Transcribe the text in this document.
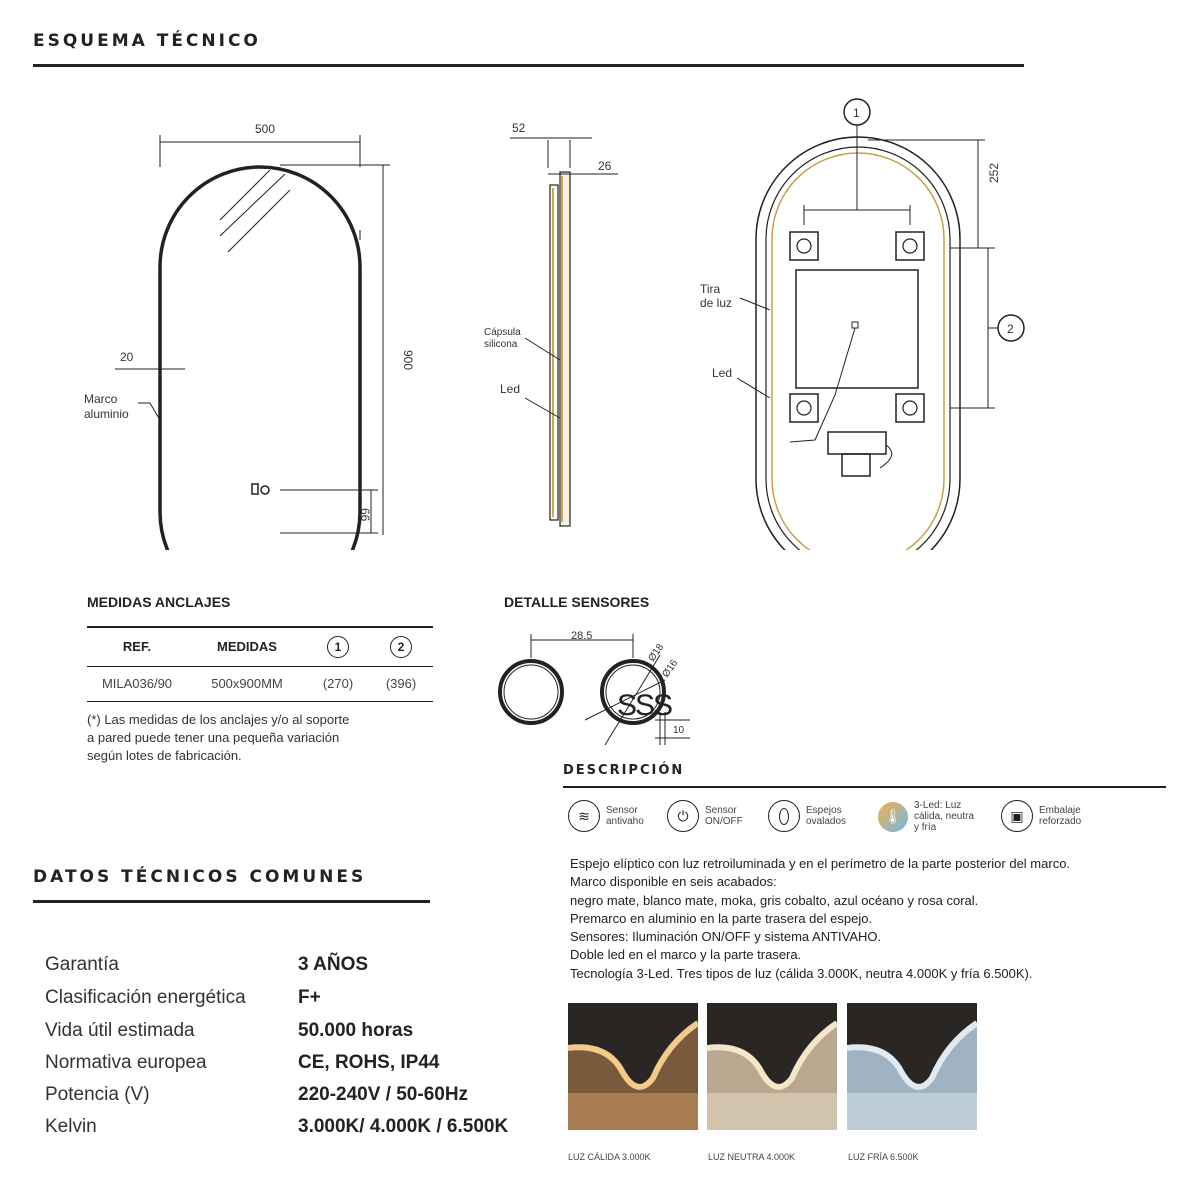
ESQUEMA TÉCNICO
500
900
20
66
Marco
aluminio
52
26
Cápsula
silicona
Led
1
2
252
Tira
de luz
Led
MEDIDAS ANCLAJES
REF.	MEDIDAS	1	2

MILA036/90	500x900MM	(270)	(396)
(*) Las medidas de los anclajes y/o al soporte
a pared puede tener una pequeña variación
según lotes de fabricación.
DETALLE SENSORES
SSS
28.5
Ø18
Ø16
10
DESCRIPCIÓN
≋	Sensor
antivaho	⏻	Sensor
ON/OFF
Espejos
ovalados	🌡
3-Led: Luz
cálida, neutra
y fría
▣	Embalaje
reforzado
Espejo elíptico con luz retroiluminada y en el perímetro de la parte posterior del marco.
Marco disponible en seis acabados:
negro mate, blanco mate, moka, gris cobalto, azul océano y rosa coral.
Premarco en aluminio en la parte trasera del espejo.
Sensores: Iluminación ON/OFF y sistema ANTIVAHO.
Doble led en el marco y la parte trasera.
Tecnología 3-Led. Tres tipos de luz (cálida 3.000K, neutra 4.000K y fría 6.500K).
LUZ CÁLIDA 3.000K	LUZ NEUTRA 4.000K	LUZ FRÍA 6.500K
DATOS TÉCNICOS COMUNES
Garantía	3 AÑOS
Clasificación energética	F+
Vida útil estimada	50.000 horas
Normativa europea	CE, ROHS, IP44
Potencia (V)	220-240V / 50-60Hz
Kelvin	3.000K/ 4.000K / 6.500K
